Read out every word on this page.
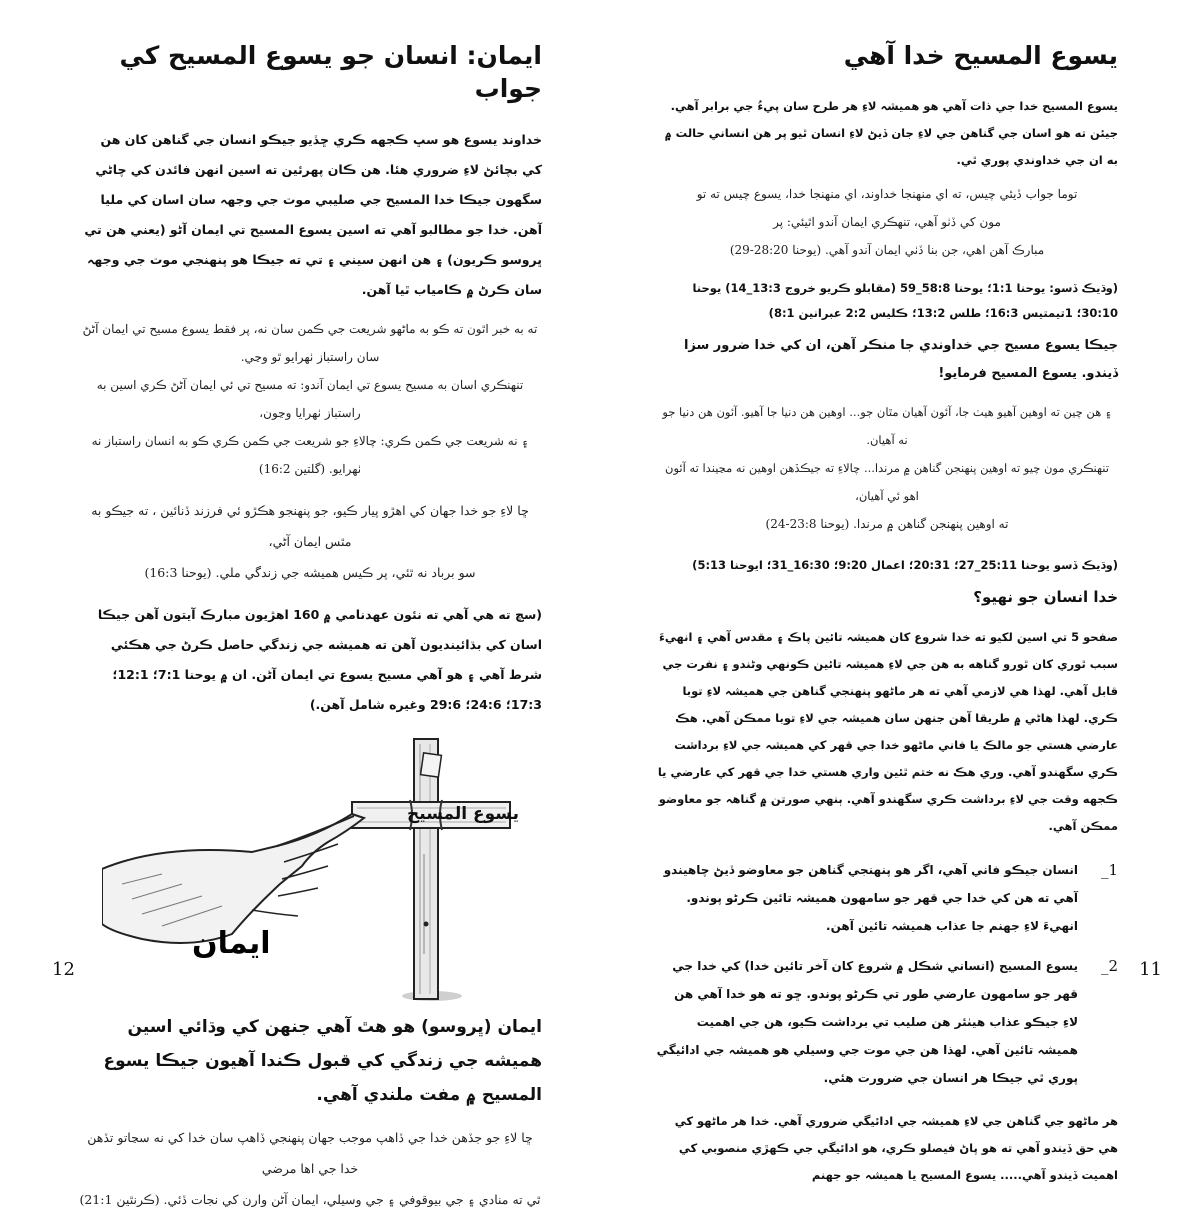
ايمان: انسان جو يسوع المسيح کي جواب

خداوند يسوع هو سڀ ڪجهه ڪري ڇڏيو جيڪو انسان جي گناهن کان هن کي بچائڻ لاءِ ضروري هئا. هن ڪان پهرئين ته اسين انهن فائدن کي چاڻي سگھون جيڪا خدا المسيح جي صليبي موت جي وجهہ سان اسان کي مليا آهن. خدا جو مطالبو آهي ته اسين يسوع المسيح تي ايمان آڻو (يعني هن تي ڀروسو ڪريون) ۽ هن انهن سيني ۽ تي ته جيڪا هو پنهنجي موت جي وجهہ سان ڪرڻ ۾ ڪامياب ٿيا آهن.

ته به خبر اٿون ته ڪو به ماڻهو شريعت جي ڪمن سان نه، پر فقط يسوع مسيح تي ايمان آڻڻ سان راستباز ٺهرايو ٿو وڃي.

تنهنڪري اسان به مسيح يسوع تي ايمان آندو: ته مسيح تي ئي ايمان آڻڻ ڪري اسين به راستباز ٺهرايا وڃون،

۽ نه شريعت جي ڪمن ڪري: چالاءِ جو شريعت جي ڪمن ڪري ڪو به انسان راستباز نه ٺهرايو. (گلتين 16:2)

ڇا لاءِ جو خدا جهان کي اهڙو پيار ڪيو، جو پنهنجو هڪڙو ئي فرزند ڏنائين ، ته جيڪو به مٿس ايمان آڻي،

سو برباد نه ٿئي، پر ڪيس هميشه جي زندگي ملي. (يوحنا 16:3)

(سچ ته هي آهي ته نئون عهدنامي ۾ 160 اهڙيون مبارڪ آيتون آهن جيڪا اسان کي بڌائينديون آهن ته هميشه جي زندگي حاصل ڪرڻ جي هڪئي شرط آهي ۽ هو آهي مسيح يسوع تي ايمان آڻن. ان ۾ يوحنا 7:1؛ 12:1؛ 17:3؛ 24:6؛ 29:6 وغيره شامل آهن.)

يسوع المسيح
ايمان

ايمان (ڀروسو) هو هٿ آهي جنهن کي وڌائي اسين هميشه جي زندگي کي قبول ڪندا آهيون جيڪا يسوع المسيح ۾ مفت ملندي آهي.

ڇا لاءِ جو جڏهن خدا جي ڏاهپ موجب جهان پنهنجي ڏاهپ سان خدا کي نه سڃاتو تڏهن خدا جي اها مرضي

ٿي ته منادي ۽ جي بيوقوفي ۽ جي وسيلي، ايمان آڻن وارن کي نجات ڏئي. (ڪرنٿين 21:1)

12
يسوع المسيح خدا آهي

يسوع المسيح خدا جي ذات آهي هو هميشہ لاءِ هر طرح سان پيءُ جي برابر آهي. جيئن ته هو اسان جي گناهن جي لاءِ جان ڏيڻ لاءِ انسان ٿيو پر هن انساني حالت ۾ به ان جي خداوندي پوري ٿي.

توما جواب ڏيئي چيس، ته اي منهنجا خداوند، اي منهنجا خدا، يسوع چيس ته تو

مون کي ڏٺو آهي، تنهڪري ايمان آندو اٿيئي: پر

مبارڪ آهن اهي، جن بنا ڏٺي ايمان آندو آهي. (يوحنا 28:20-29)

(وڌيڪ ڏسو: يوحنا 1:1؛ يوحنا 58:8_59 (مقابلو ڪريو خروج 13:3_14) يوحنا 30:10؛ 1تيمتيس 16:3؛ طلس 13:2؛ ڪليس 2:2 عبرانين 8:1)

جيڪا يسوع مسيح جي خداوندي جا منڪر آهن، ان کي خدا ضرور سزا ڏيندو. يسوع المسيح فرمايو!

۽ هن چين ته اوهين آهيو هيٺ جا، آئون آهيان مٿان جو... اوهين هن دنيا جا آهيو. آئون هن دنيا جو نه آهيان.

تنهنڪري مون چيو ته اوهين پنهنجن گناهن ۾ مرندا... چالاءِ ته جيڪڏهن اوهين نه مڃيندا ته آئون اهو ئي آهيان،

ته اوهين پنهنجن گناهن ۾ مرندا. (يوحنا 23:8-24)

(وڌيڪ ڏسو يوحنا 25:11_27؛ 20:31؛ اعمال 9:20؛ 16:30_31؛ ايوحنا 5:13)

خدا انسان جو نهيو؟

صفحو 5 تي اسين لکيو ته خدا شروع کان هميشہ تائين پاڪ ۽ مقدس آهي ۽ انهيءَ سبب ٿوري کان ٿورو گناهه به هن جي لاءِ هميشہ تائين ڪونهي وڻندو ۽ نفرت جي قابل آهي. لهذا هي لازمي آهي ته هر ماڻهو پنهنجي گناهن جي هميشہ لاءِ توبا ڪري. لهذا هاڻي ۾ طريقا آهن جنهن سان هميشہ جي لاءِ توبا ممڪن آهي. هڪ عارضي هستي جو مالڪ يا فاني ماڻهو خدا جي قهر کي هميشہ جي لاءِ برداشت ڪري سگھندو آهي. وري هڪ نه ختم ٿئين واري هستي خدا جي قهر کي عارضي يا ڪجهه وقت جي لاءِ برداشت ڪري سگھندو آهي. ٻنهي صورتن ۾ گناهہ جو معاوضو ممڪن آهي.

1_
انسان جيڪو فاني آهي، اگر هو پنهنجي گناهن جو معاوضو ڏيڻ چاهيندو آهي ته هن کي خدا جي قهر جو سامهون هميشہ تائين ڪرڻو پوندو. انهيءَ لاءِ جهنم جا عذاب هميشہ تائين آهن.
2_
يسوع المسيح (انساني شڪل ۾ شروع کان آخر تائين خدا) کي خدا جي قهر جو سامهون عارضي طور تي ڪرڻو پوندو. ڇو ته هو خدا آهي هن لاءِ جيڪو عذاب هيٺئر هن صليب تي برداشت ڪيو، هن جي اهميت هميشہ تائين آهي. لهذا هن جي موت جي وسيلي هو هميشہ جي ادائيگي پوري ٿي جيڪا هر انسان جي ضرورت هئي.

هر ماڻهو جي گناهن جي لاءِ هميشہ جي ادائيگي ضروري آهي. خدا هر ماڻهو کي هي حق ڏيندو آهي ته هو پاڻ فيصلو ڪري، هو ادائيگي جي ڪهڙي منصوبي کي اهميت ڏيندو آهي..... يسوع المسيح يا هميشہ جو جهنم

11
